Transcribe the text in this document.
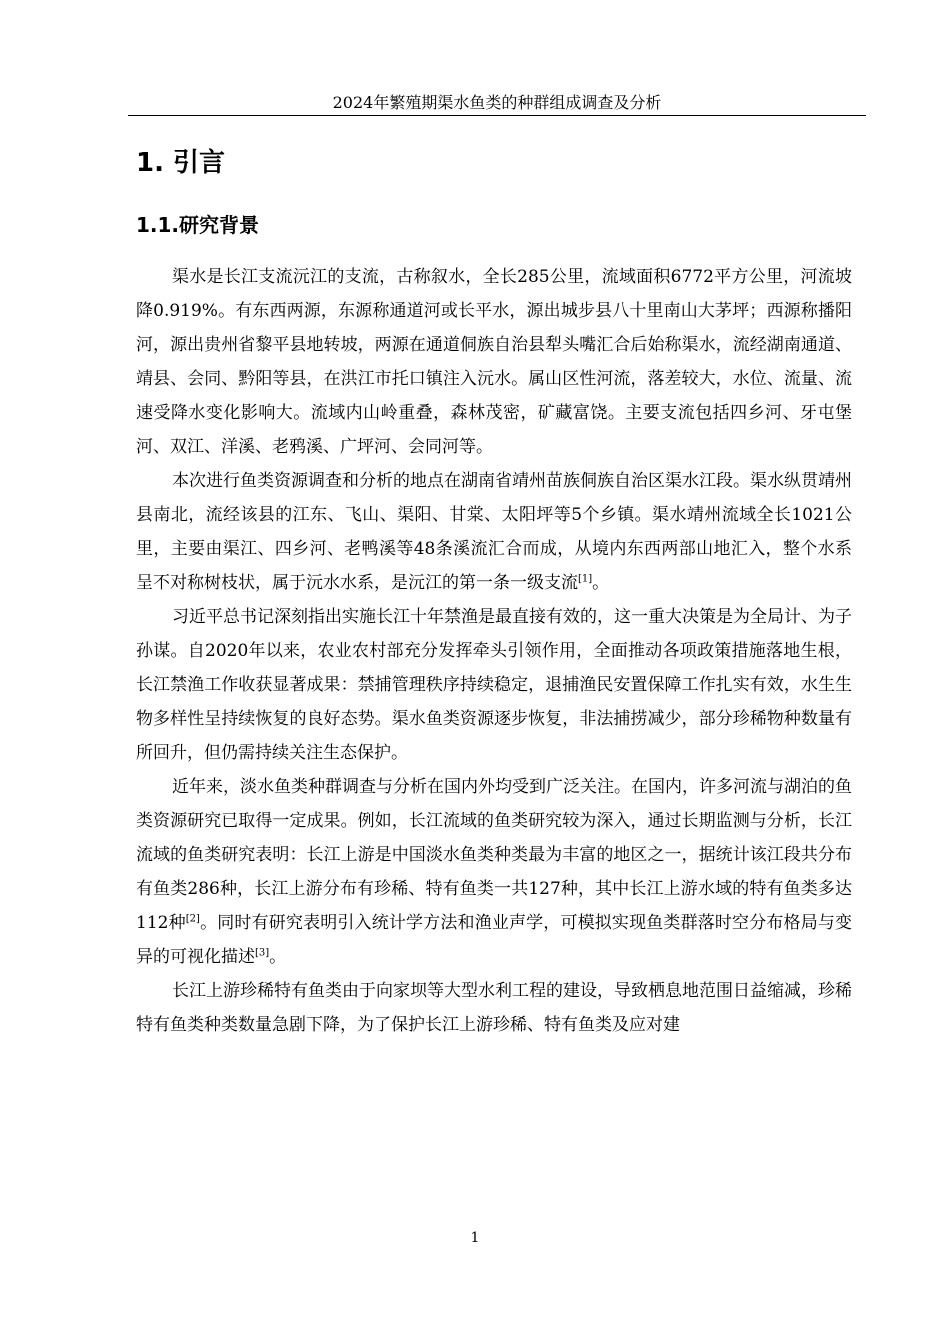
2024年繁殖期渠水鱼类的种群组成调查及分析
1. 引言
1.1.研究背景

渠水是长江支流沅江的支流，古称叙水，全长285公里，流域面积6772平方公里，河流坡降0.919%。有东西两源，东源称通道河或长平水，源出城步县八十里南山大茅坪；西源称播阳河，源出贵州省黎平县地转坡，两源在通道侗族自治县犁头嘴汇合后始称渠水，流经湖南通道、靖县、会同、黔阳等县，在洪江市托口镇注入沅水。属山区性河流，落差较大，水位、流量、流速受降水变化影响大。流域内山岭重叠，森林茂密，矿藏富饶。主要支流包括四乡河、牙屯堡河、双江、洋溪、老鸦溪、广坪河、会同河等。

本次进行鱼类资源调查和分析的地点在湖南省靖州苗族侗族自治区渠水江段。渠水纵贯靖州县南北，流经该县的江东、飞山、渠阳、甘棠、太阳坪等5个乡镇。渠水靖州流域全长1021公里，主要由渠江、四乡河、老鸭溪等48条溪流汇合而成，从境内东西两部山地汇入，整个水系呈不对称树枝状，属于沅水水系，是沅江的第一条一级支流[1]。

习近平总书记深刻指出实施长江十年禁渔是最直接有效的，这一重大决策是为全局计、为子孙谋。自2020年以来，农业农村部充分发挥牵头引领作用，全面推动各项政策措施落地生根，长江禁渔工作收获显著成果：禁捕管理秩序持续稳定，退捕渔民安置保障工作扎实有效，水生生物多样性呈持续恢复的良好态势。渠水鱼类资源逐步恢复，非法捕捞减少，部分珍稀物种数量有所回升，但仍需持续关注生态保护。

近年来，淡水鱼类种群调查与分析在国内外均受到广泛关注。在国内，许多河流与湖泊的鱼类资源研究已取得一定成果。例如，长江流域的鱼类研究较为深入，通过长期监测与分析，长江流域的鱼类研究表明：长江上游是中国淡水鱼类种类最为丰富的地区之一，据统计该江段共分布有鱼类286种，长江上游分布有珍稀、特有鱼类一共127种，其中长江上游水域的特有鱼类多达112种[2]。同时有研究表明引入统计学方法和渔业声学，可模拟实现鱼类群落时空分布格局与变异的可视化描述[3]。

长江上游珍稀特有鱼类由于向家坝等大型水利工程的建设，导致栖息地范围日益缩减，珍稀特有鱼类种类数量急剧下降，为了保护长江上游珍稀、特有鱼类及应对建

1
